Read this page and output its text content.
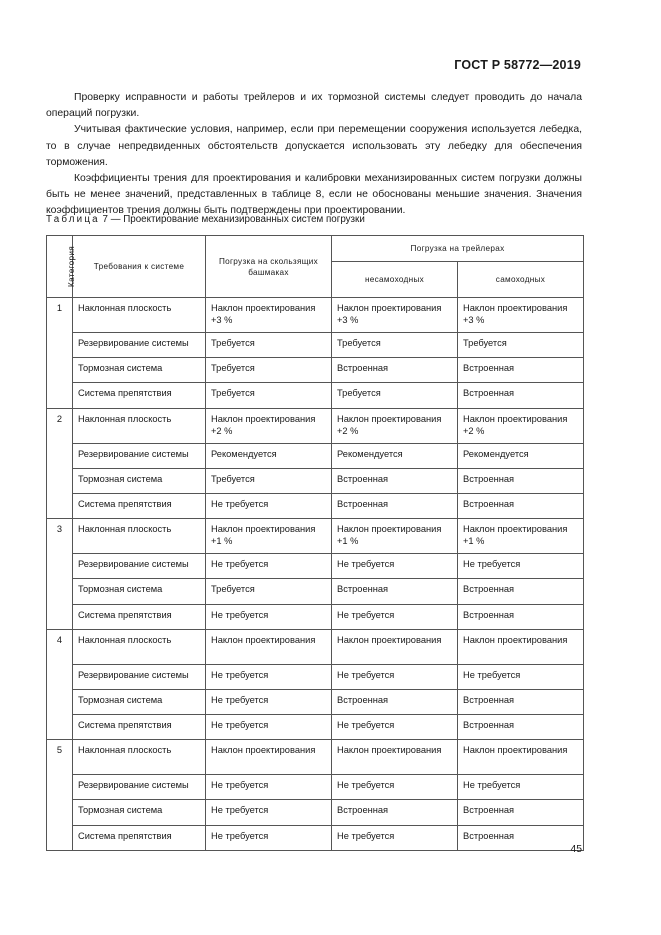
ГОСТ Р 58772—2019

Проверку исправности и работы трейлеров и их тормозной системы следует проводить до начала операций погрузки.

Учитывая фактические условия, например, если при перемещении сооружения используется лебедка, то в случае непредвиденных обстоятельств допускается использовать эту лебедку для обеспечения торможения.

Коэффициенты трения для проектирования и калибровки механизированных систем погрузки должны быть не менее значений, представленных в таблице 8, если не обоснованы меньшие значения. Значения коэффициентов трения должны быть подтверждены при проектировании.

Таблица 7 — Проектирование механизированных систем погрузки
Категория	Требования к системе	Погрузка на скользящих башмаках	Погрузка на трейлерах	
			несамоходных	самоходных
1	Наклонная плоскость	Наклон проектирования +3 %	Наклон проектирования +3 %	Наклон проектирования +3 %
	Резервирование системы	Требуется	Требуется	Требуется
	Тормозная система	Требуется	Встроенная	Встроенная
	Система препятствия	Требуется	Требуется	Встроенная
2	Наклонная плоскость	Наклон проектирования +2 %	Наклон проектирования +2 %	Наклон проектирования +2 %
	Резервирование системы	Рекомендуется	Рекомендуется	Рекомендуется
	Тормозная система	Требуется	Встроенная	Встроенная
	Система препятствия	Не требуется	Встроенная	Встроенная
3	Наклонная плоскость	Наклон проектирования +1 %	Наклон проектирования +1 %	Наклон проектирования +1 %
	Резервирование системы	Не требуется	Не требуется	Не требуется
	Тормозная система	Требуется	Встроенная	Встроенная
	Система препятствия	Не требуется	Не требуется	Встроенная
4	Наклонная плоскость	Наклон проектирования	Наклон проектирования	Наклон проектирования
	Резервирование системы	Не требуется	Не требуется	Не требуется
	Тормозная система	Не требуется	Встроенная	Встроенная
	Система препятствия	Не требуется	Не требуется	Встроенная
5	Наклонная плоскость	Наклон проектирования	Наклон проектирования	Наклон проектирования
	Резервирование системы	Не требуется	Не требуется	Не требуется
	Тормозная система	Не требуется	Встроенная	Встроенная
	Система препятствия	Не требуется	Не требуется	Встроенная
45
